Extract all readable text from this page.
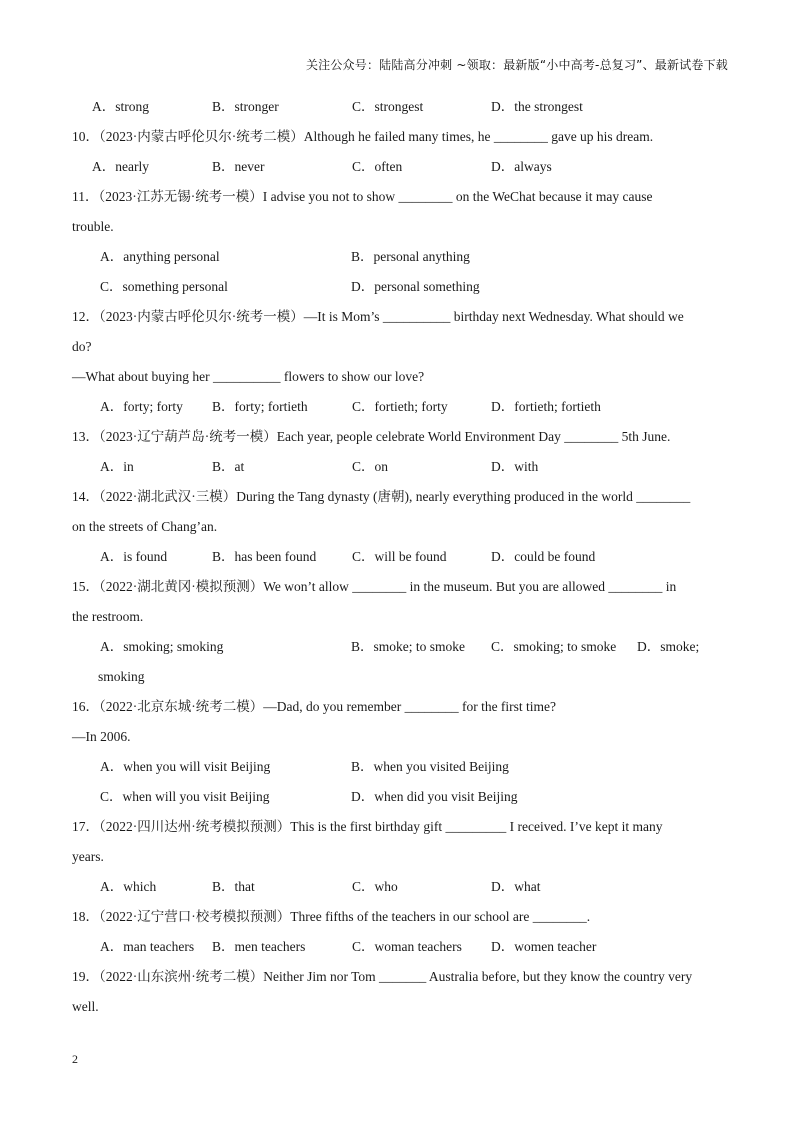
关注公众号：陆陆高分冲刺 ~领取：最新版“小中高考-总复习”、最新试卷下载
A．strong	B．stronger	C．strongest	D．the strongest
10．（2023·内蒙古呼伦贝尔·统考二模）Although he failed many times, he ________ gave up his dream.
A．nearly	B．never	C．often	D．always
11．（2023·江苏无锡·统考一模）I advise you not to show ________ on the WeChat because it may cause
trouble.
A．anything personal	B．personal anything
C．something personal	D．personal something
12．（2023·内蒙古呼伦贝尔·统考一模）—It is Mom’s __________ birthday next Wednesday. What should we
do?
—What about buying her __________ flowers to show our love?
A．forty; forty B．forty; fortieth	C．fortieth; forty	D．fortieth; fortieth
13．（2023·辽宁葫芦岛·统考一模）Each year, people celebrate World Environment Day ________ 5th June.
A．in	B．at	C．on	D．with
14．（2022·湖北武汉·三模）During the Tang dynasty (唐朝), nearly everything produced in the world ________
on the streets of Chang’an.
A．is found	B．has been found	C．will be found	D．could be found
15．（2022·湖北黄冈·模拟预测）We won’t allow ________ in the museum. But you are allowed ________ in
the restroom.
A．smoking; smoking	B．smoke; to smoke C．smoking; to smoke D．smoke;
smoking
16．（2022·北京东城·统考二模）—Dad, do you remember ________ for the first time?
—In 2006.
A．when you will visit Beijing	B．when you visited Beijing
C．when will you visit Beijing	D．when did you visit Beijing
17．（2022·四川达州·统考模拟预测）This is the first birthday gift _________ I received. I’ve kept it many
years.
A．which	B．that	C．who	D．what
18．（2022·辽宁营口·校考模拟预测）Three fifths of the teachers in our school are ________.
A．man teachers B．men teachers	C．woman teachers D．women teacher
19．（2022·山东滨州·统考二模）Neither Jim nor Tom _______ Australia before, but they know the country very
well.
2
